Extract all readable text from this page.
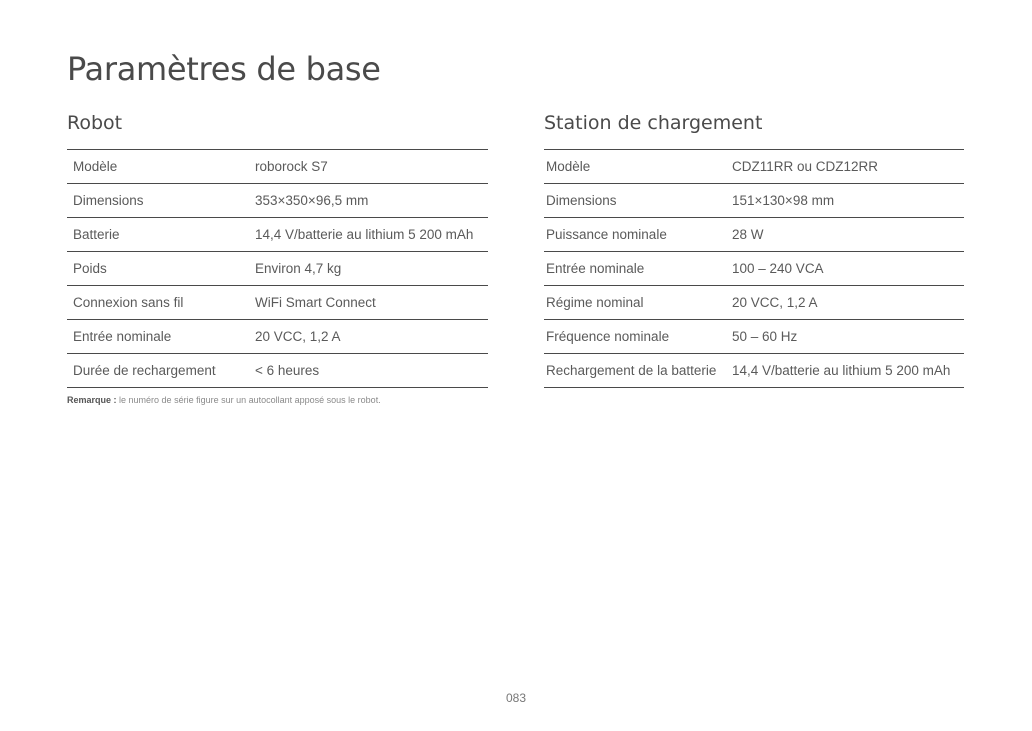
Paramètres de base
Robot
Modèle	roborock S7
Dimensions	353×350×96,5 mm
Batterie	14,4 V/batterie au lithium 5 200 mAh
Poids	Environ 4,7 kg
Connexion sans fil	WiFi Smart Connect
Entrée nominale	20 VCC, 1,2 A
Durée de rechargement	< 6 heures
Station de chargement
Modèle	CDZ11RR ou CDZ12RR
Dimensions	151×130×98 mm
Puissance nominale	28 W
Entrée nominale	100 – 240 VCA
Régime nominal	20 VCC, 1,2 A
Fréquence nominale	50 – 60 Hz
Rechargement de la batterie	14,4 V/batterie au lithium 5 200 mAh
Remarque : le numéro de série figure sur un autocollant apposé sous le robot.
083
